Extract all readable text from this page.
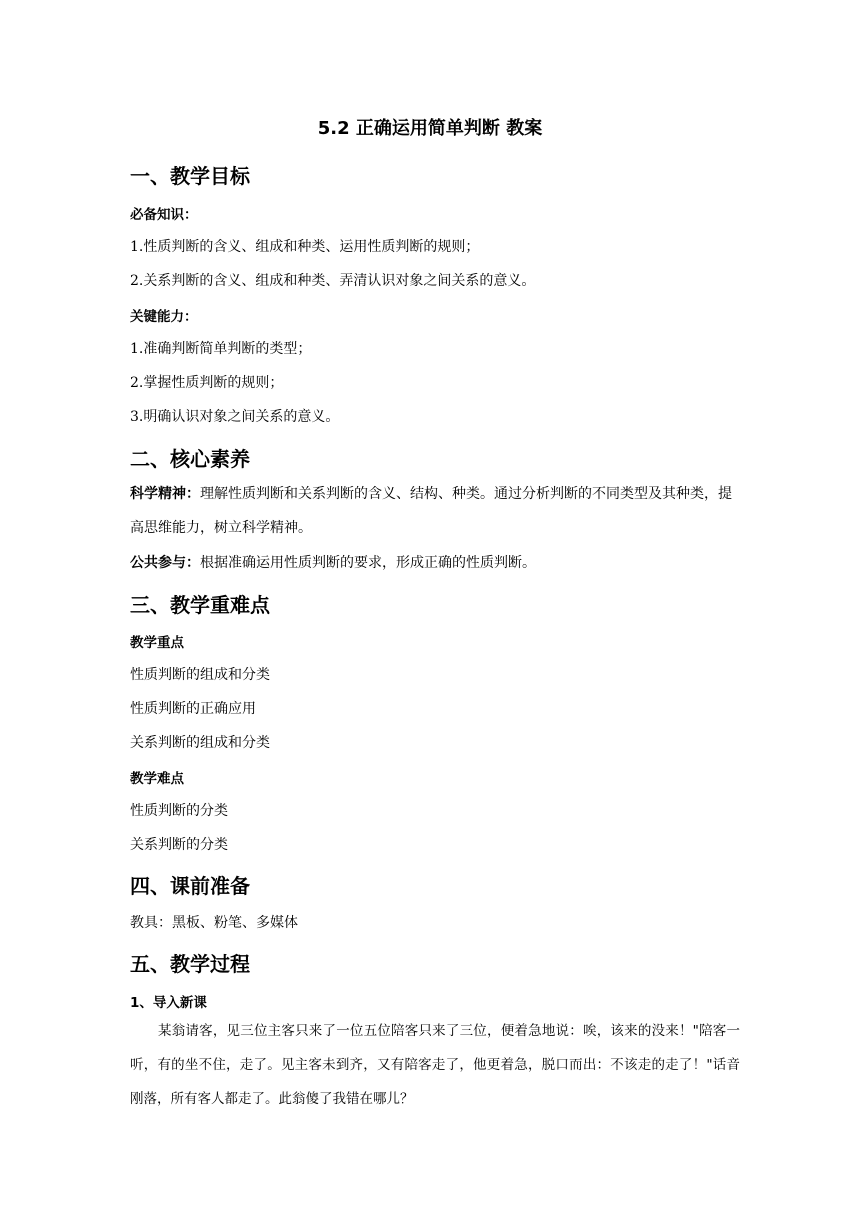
5.2 正确运用简单判断 教案
一、教学目标
必备知识：
1.性质判断的含义、组成和种类、运用性质判断的规则；
2.关系判断的含义、组成和种类、弄清认识对象之间关系的意义。
关键能力：
1.准确判断简单判断的类型；
2.掌握性质判断的规则；
3.明确认识对象之间关系的意义。
二、核心素养
科学精神：理解性质判断和关系判断的含义、结构、种类。通过分析判断的不同类型及其种类，提高思维能力，树立科学精神。
公共参与：根据准确运用性质判断的要求，形成正确的性质判断。
三、教学重难点
教学重点
性质判断的组成和分类
性质判断的正确应用
关系判断的组成和分类
教学难点
性质判断的分类
关系判断的分类
四、课前准备
教具：黑板、粉笔、多媒体
五、教学过程
1、导入新课
某翁请客，见三位主客只来了一位五位陪客只来了三位，便着急地说：唉，该来的没来！"陪客一听，有的坐不住，走了。见主客未到齐，又有陪客走了，他更着急，脱口而出：不该走的走了！"话音刚落，所有客人都走了。此翁傻了我错在哪儿？
